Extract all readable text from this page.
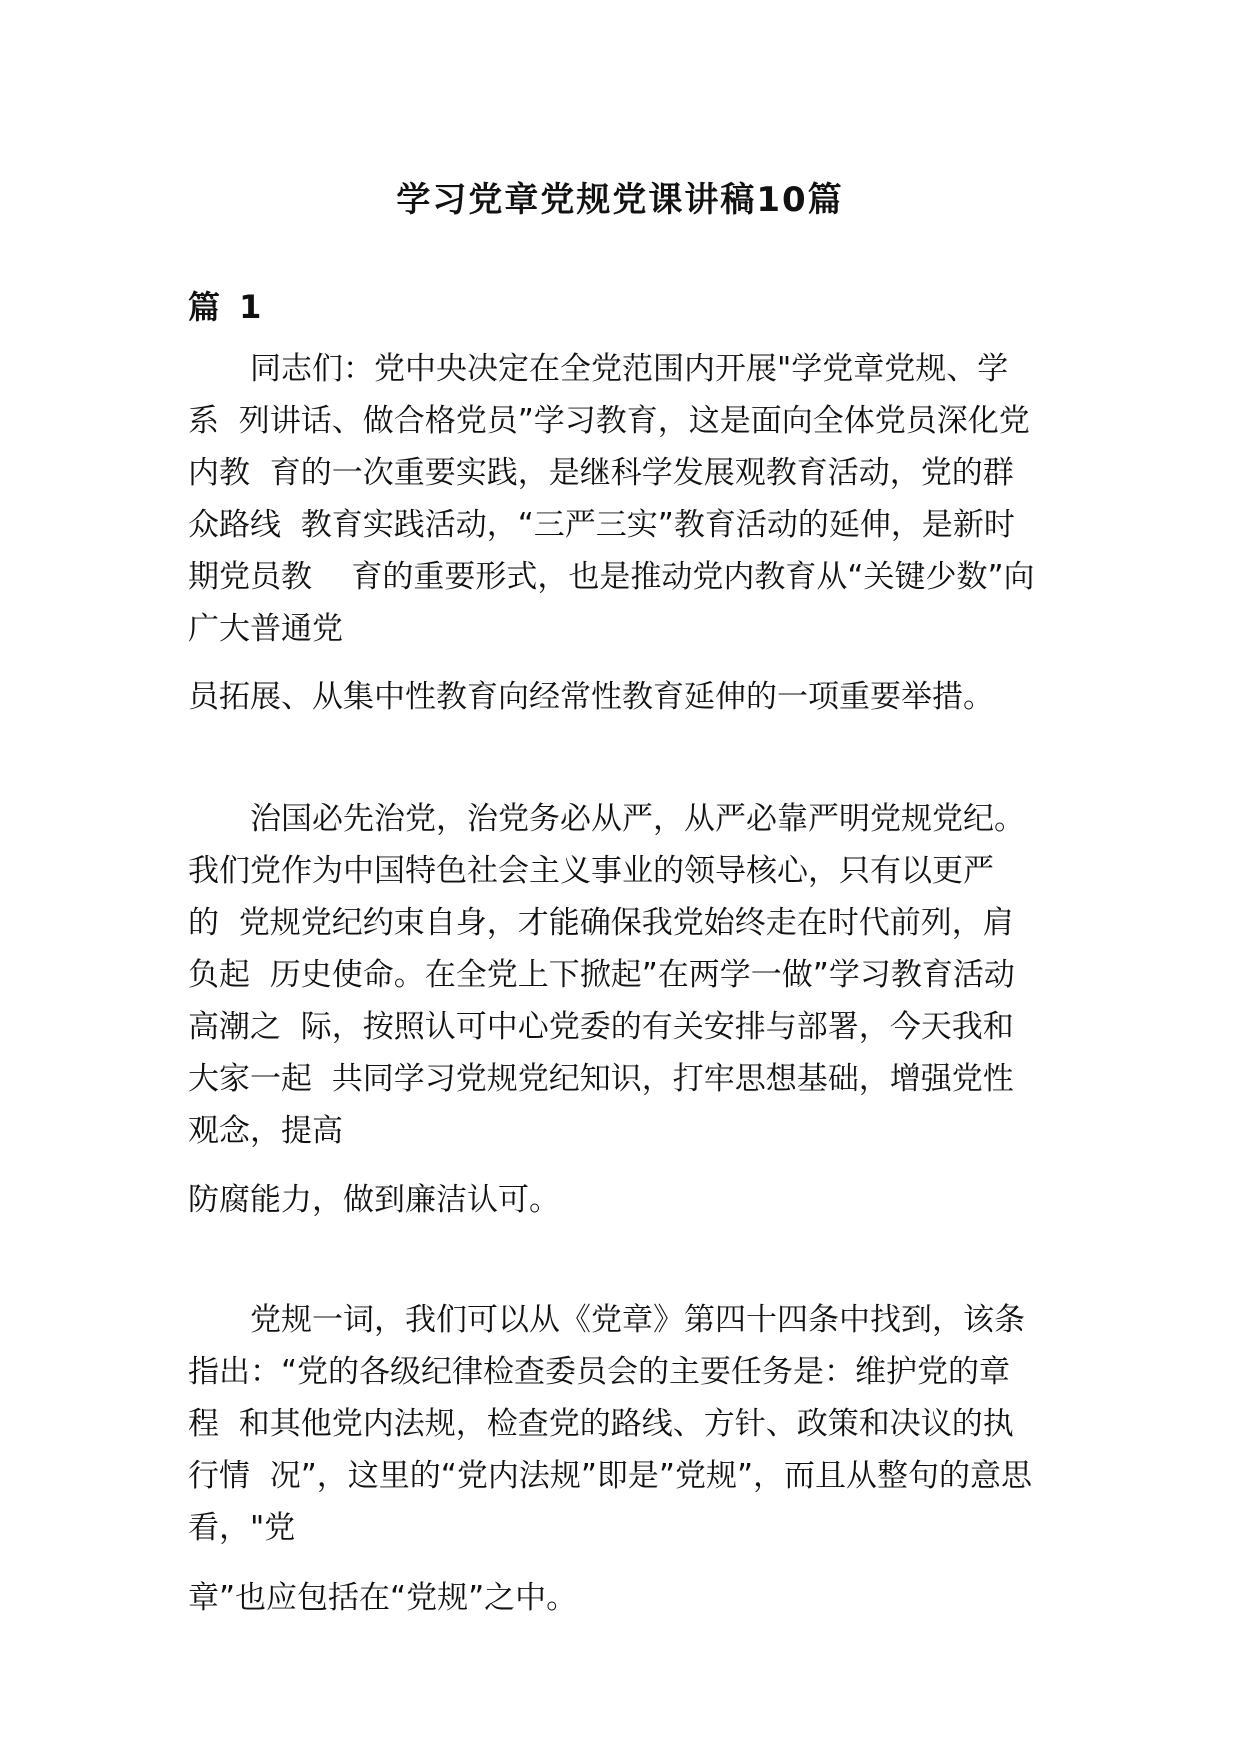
学习党章党规党课讲稿10篇
篇 1

　　同志们：党中央决定在全党范围内开展"学党章党规、学

系  列讲话、做合格党员”学习教育，这是面向全体党员深化党

内教  育的一次重要实践，是继科学发展观教育活动，党的群

众路线  教育实践活动，“三严三实”教育活动的延伸，是新时

期党员教    育的重要形式，也是推动党内教育从“关键少数”向

广大普通党

员拓展、从集中性教育向经常性教育延伸的一项重要举措。

　　治国必先治党，治党务必从严，从严必靠严明党规党纪。

我们党作为中国特色社会主义事业的领导核心，只有以更严

的  党规党纪约束自身，才能确保我党始终走在时代前列，肩

负起  历史使命。在全党上下掀起”在两学一做”学习教育活动

高潮之  际，按照认可中心党委的有关安排与部署，今天我和

大家一起  共同学习党规党纪知识，打牢思想基础，增强党性

观念，提高

防腐能力，做到廉洁认可。

　　党规一词，我们可以从《党章》第四十四条中找到，该条

指出：“党的各级纪律检查委员会的主要任务是：维护党的章

程  和其他党内法规，检查党的路线、方针、政策和决议的执

行情  况”，这里的“党内法规”即是”党规”，而且从整句的意思

看，"党

章”也应包括在“党规”之中。
